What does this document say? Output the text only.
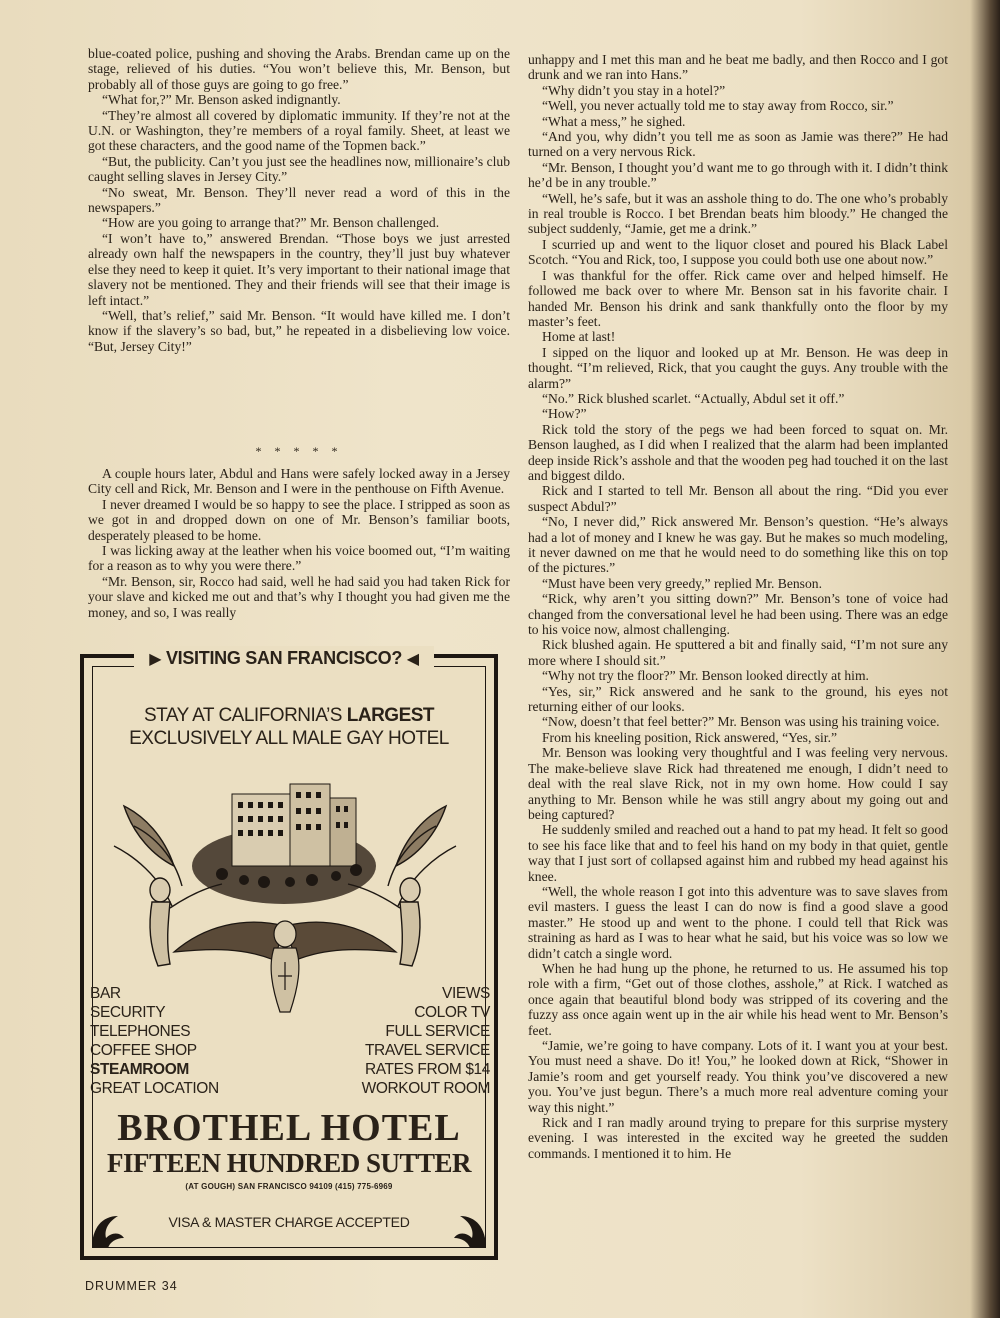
blue-coated police, pushing and shoving the Arabs. Brendan came up on the stage, relieved of his duties. “You won’t believe this, Mr. Benson, but probably all of those guys are going to go free.”

“What for,?” Mr. Benson asked indignantly.

“They’re almost all covered by diplomatic immunity. If they’re not at the U.N. or Washington, they’re members of a royal family. Sheet, at least we got these characters, and the good name of the Topmen back.”

“But, the publicity. Can’t you just see the headlines now, millionaire’s club caught selling slaves in Jersey City.”

“No sweat, Mr. Benson. They’ll never read a word of this in the newspapers.”

“How are you going to arrange that?” Mr. Benson challenged.

“I won’t have to,” answered Brendan. “Those boys we just arrested already own half the newspapers in the country, they’ll just buy whatever else they need to keep it quiet. It’s very important to their national image that slavery not be mentioned. They and their friends will see that their image is left intact.”

“Well, that’s relief,” said Mr. Benson. “It would have killed me. I don’t know if the slavery’s so bad, but,” he repeated in a disbelieving low voice. “But, Jersey City!”

* * * * *

A couple hours later, Abdul and Hans were safely locked away in a Jersey City cell and Rick, Mr. Benson and I were in the penthouse on Fifth Avenue.

I never dreamed I would be so happy to see the place. I stripped as soon as we got in and dropped down on one of Mr. Benson’s familiar boots, desperately pleased to be home.

I was licking away at the leather when his voice boomed out, “I’m waiting for a reason as to why you were there.”

“Mr. Benson, sir, Rocco had said, well he had said you had taken Rick for your slave and kicked me out and that’s why I thought you had given me the money, and so, I was really

unhappy and I met this man and he beat me badly, and then Rocco and I got drunk and we ran into Hans.”

“Why didn’t you stay in a hotel?”

“Well, you never actually told me to stay away from Rocco, sir.”

“What a mess,” he sighed.

“And you, why didn’t you tell me as soon as Jamie was there?” He had turned on a very nervous Rick.

“Mr. Benson, I thought you’d want me to go through with it. I didn’t think he’d be in any trouble.”

“Well, he’s safe, but it was an asshole thing to do. The one who’s probably in real trouble is Rocco. I bet Brendan beats him bloody.” He changed the subject suddenly, “Jamie, get me a drink.”

I scurried up and went to the liquor closet and poured his Black Label Scotch. “You and Rick, too, I suppose you could both use one about now.”

I was thankful for the offer. Rick came over and helped himself. He followed me back over to where Mr. Benson sat in his favorite chair. I handed Mr. Benson his drink and sank thankfully onto the floor by my master’s feet.

Home at last!

I sipped on the liquor and looked up at Mr. Benson. He was deep in thought. “I’m relieved, Rick, that you caught the guys. Any trouble with the alarm?”

“No.” Rick blushed scarlet. “Actually, Abdul set it off.”

“How?”

Rick told the story of the pegs we had been forced to squat on. Mr. Benson laughed, as I did when I realized that the alarm had been implanted deep inside Rick’s asshole and that the wooden peg had touched it on the last and biggest dildo.

Rick and I started to tell Mr. Benson all about the ring. “Did you ever suspect Abdul?”

“No, I never did,” Rick answered Mr. Benson’s question. “He’s always had a lot of money and I knew he was gay. But he makes so much modeling, it never dawned on me that he would need to do something like this on top of the pictures.”

“Must have been very greedy,” replied Mr. Benson.

“Rick, why aren’t you sitting down?” Mr. Benson’s tone of voice had changed from the conversational level he had been using. There was an edge to his voice now, almost challenging.

Rick blushed again. He sputtered a bit and finally said, “I’m not sure any more where I should sit.”

“Why not try the floor?” Mr. Benson looked directly at him.

“Yes, sir,” Rick answered and he sank to the ground, his eyes not returning either of our looks.

“Now, doesn’t that feel better?” Mr. Benson was using his training voice.

From his kneeling position, Rick answered, “Yes, sir.”

Mr. Benson was looking very thoughtful and I was feeling very nervous. The make-believe slave Rick had threatened me enough, I didn’t need to deal with the real slave Rick, not in my own home. How could I say anything to Mr. Benson while he was still angry about my going out and being captured?

He suddenly smiled and reached out a hand to pat my head. It felt so good to see his face like that and to feel his hand on my body in that quiet, gentle way that I just sort of collapsed against him and rubbed my head against his knee.

“Well, the whole reason I got into this adventure was to save slaves from evil masters. I guess the least I can do now is find a good slave a good master.” He stood up and went to the phone. I could tell that Rick was straining as hard as I was to hear what he said, but his voice was so low we didn’t catch a single word.

When he had hung up the phone, he returned to us. He assumed his top role with a firm, “Get out of those clothes, asshole,” at Rick. I watched as once again that beautiful blond body was stripped of its covering and the fuzzy ass once again went up in the air while his head went to Mr. Benson’s feet.

“Jamie, we’re going to have company. Lots of it. I want you at your best. You must need a shave. Do it! You,” he looked down at Rick, “Shower in Jamie’s room and get yourself ready. You think you’ve discovered a new you. You’ve just begun. There’s a much more real adventure coming your way this night.”

Rick and I ran madly around trying to prepare for this surprise mystery evening. I was interested in the excited way he greeted the sudden commands. I mentioned it to him. He

▶ VISITING SAN FRANCISCO? ◀
STAY AT CALIFORNIA’S LARGEST
EXCLUSIVELY ALL MALE GAY HOTEL
BAR
SECURITY
TELEPHONES
COFFEE SHOP
STEAMROOM
GREAT LOCATION
VIEWS
COLOR TV
FULL SERVICE
TRAVEL SERVICE
RATES FROM $14
WORKOUT ROOM
BROTHEL HOTEL
FIFTEEN HUNDRED SUTTER
(AT GOUGH) SAN FRANCISCO 94109 (415) 775-6969
VISA & MASTER CHARGE ACCEPTED
DRUMMER 34
